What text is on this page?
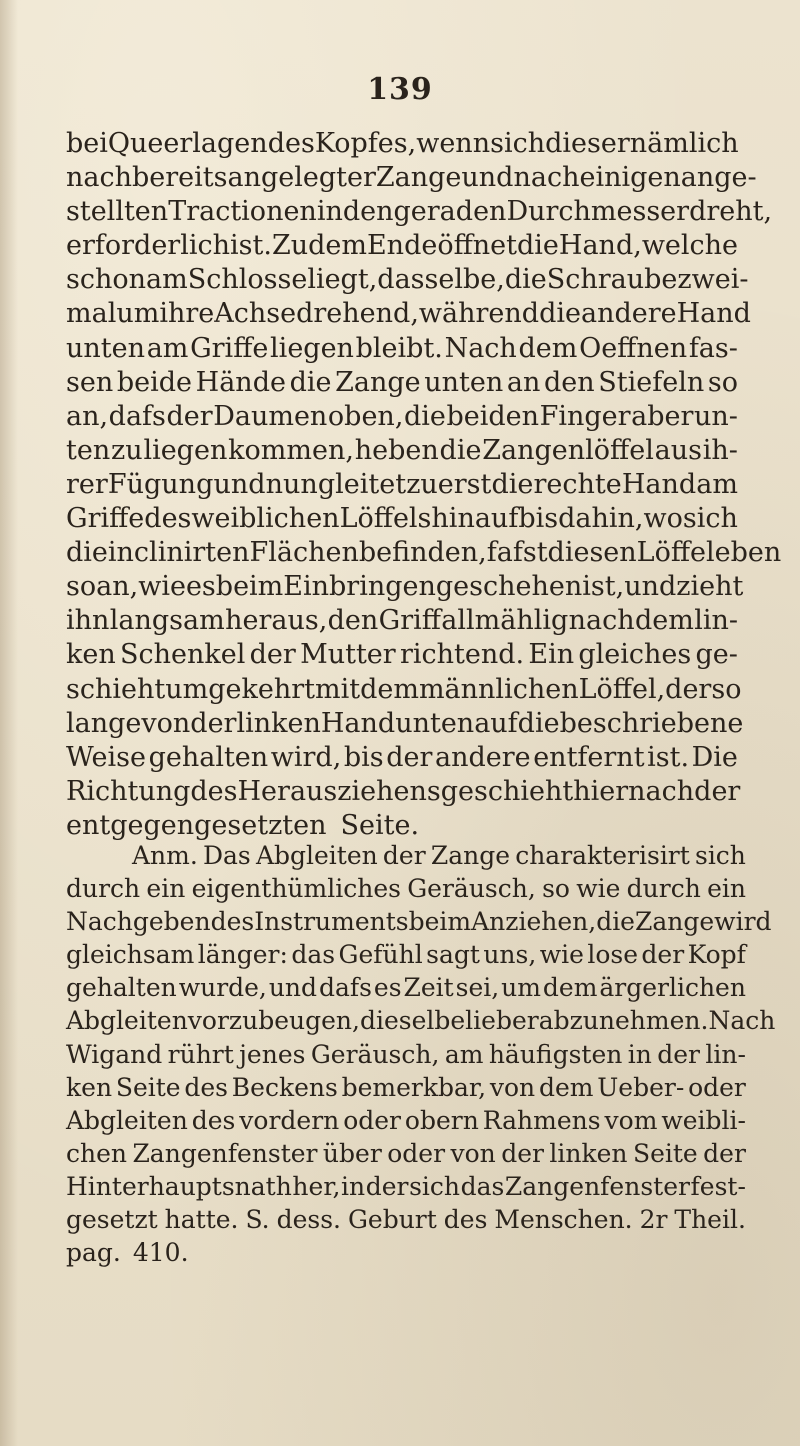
139
bei Queerlagen des Kopfes, wenn sich dieser nämlich
nach bereits angelegter Zange und nach einigen ange-
stellten Tractionen in den geraden Durchmesser dreht,
erforderlich ist. Zu dem Ende öffnet die Hand, welche
schon am Schlosse liegt, dasselbe, die Schraube zwei-
mal um ihre Achse drehend, während die andere Hand
unten am Griffe liegen bleibt. Nach dem Oeffnen fas-
sen beide Hände die Zange unten an den Stiefeln so
an, dafs der Daumen oben, die beiden Finger aber un-
ten zu liegen kommen, heben die Zangenlöffel aus ih-
rer Fügung und nun gleitet zuerst die rechte Hand am
Griffe des weiblichen Löffels hinauf bis dahin, wo sich
die inclinirten Flächen befinden, fafst diesen Löffel eben
so an, wie es beim Einbringen geschehen ist, und zieht
ihn langsam heraus, den Griff allmählig nach dem lin-
ken Schenkel der Mutter richtend. Ein gleiches ge-
schieht umgekehrt mit dem männlichen Löffel, der so
lange von der linken Hand unten auf die beschriebene
Weise gehalten wird, bis der andere entfernt ist. Die
Richtung des Herausziehens geschieht hier nach der
entgegengesetzten Seite.
Anm. Das Abgleiten der Zange charakterisirt sich
durch ein eigenthümliches Geräusch, so wie durch ein
Nachgeben des Instruments beim Anziehen, die Zange wird
gleichsam länger: das Gefühl sagt uns, wie lose der Kopf
gehalten wurde, und dafs es Zeit sei, um dem ärgerlichen
Abgleiten vorzubeugen, dieselbe lieber abzunehmen. Nach
Wigand rührt jenes Geräusch, am häufigsten in der lin-
ken Seite des Beckens bemerkbar, von dem Ueber- oder
Abgleiten des vordern oder obern Rahmens vom weibli-
chen Zangenfenster über oder von der linken Seite der
Hinterhauptsnath her, in der sich das Zangenfenster fest-
gesetzt hatte. S. dess. Geburt des Menschen. 2r Theil.
pag. 410.
